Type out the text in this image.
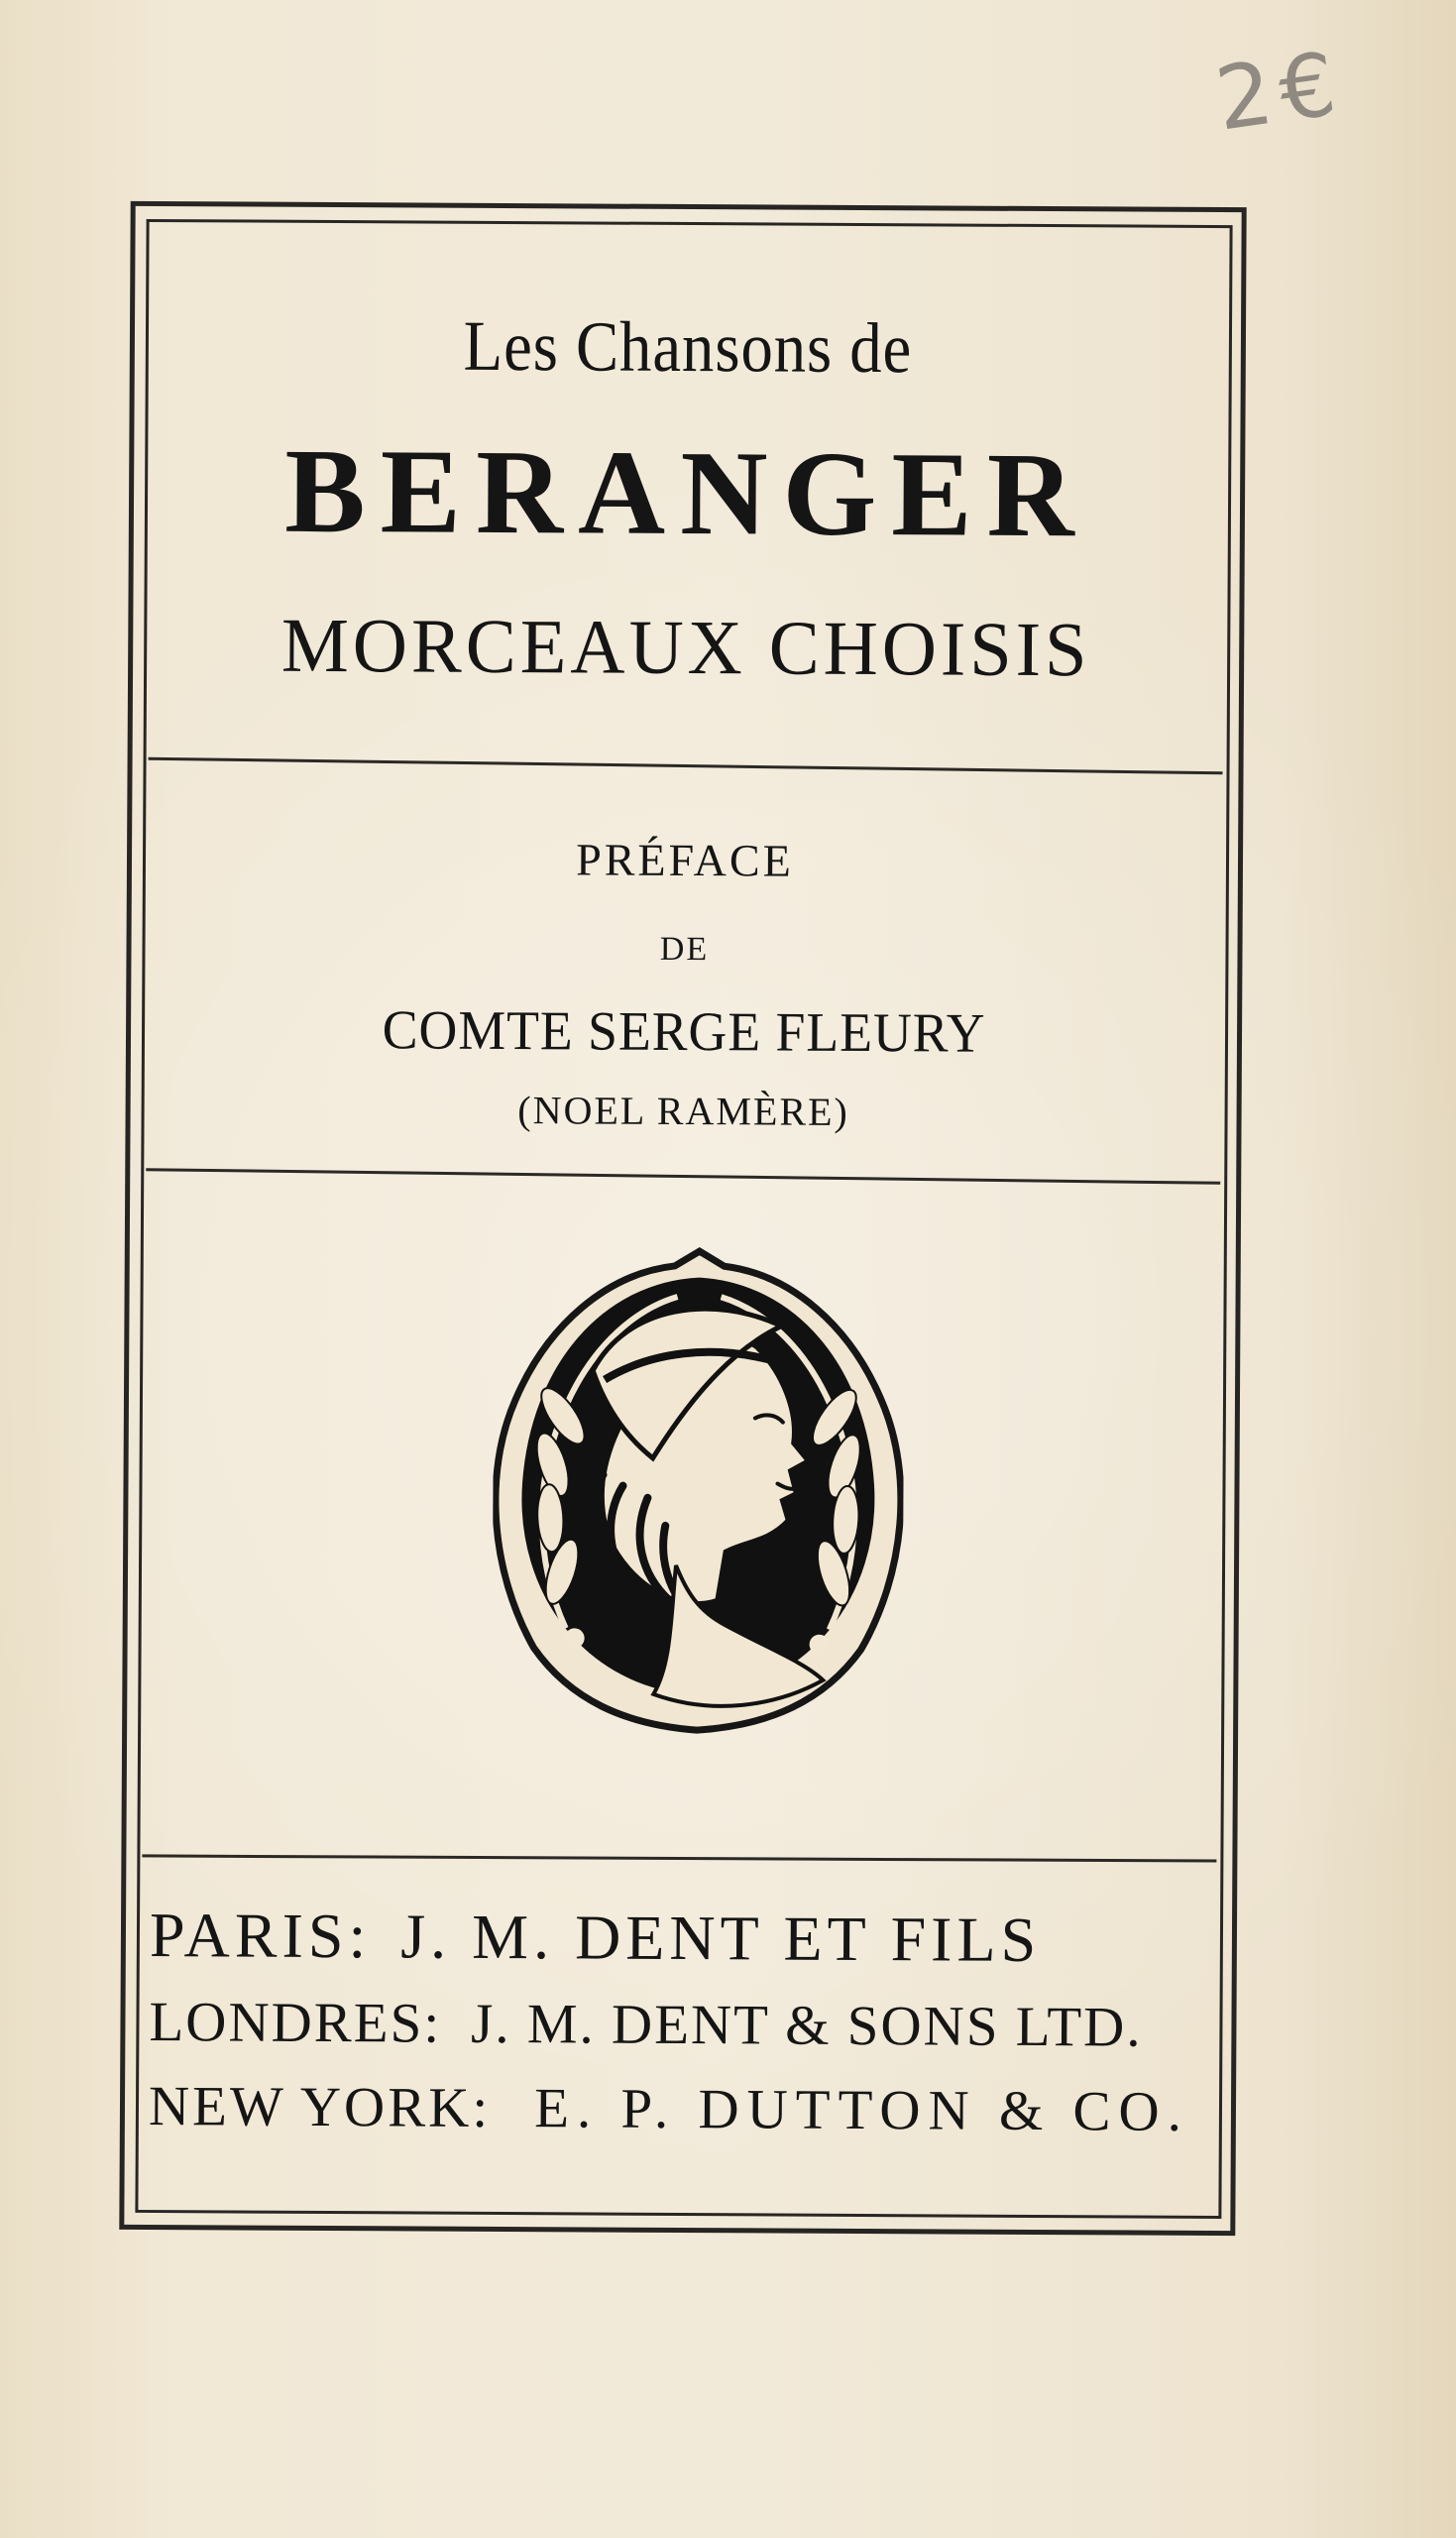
2€
Les Chansons de
BERANGER
MORCEAUX CHOISIS
PRÉFACE
DE
COMTE SERGE FLEURY
(NOEL RAMÈRE)
PARIS: J. M. DENT ET FILS
LONDRES: J. M. DENT & SONS LTD.
NEW YORK: E. P. DUTTON & CO.
